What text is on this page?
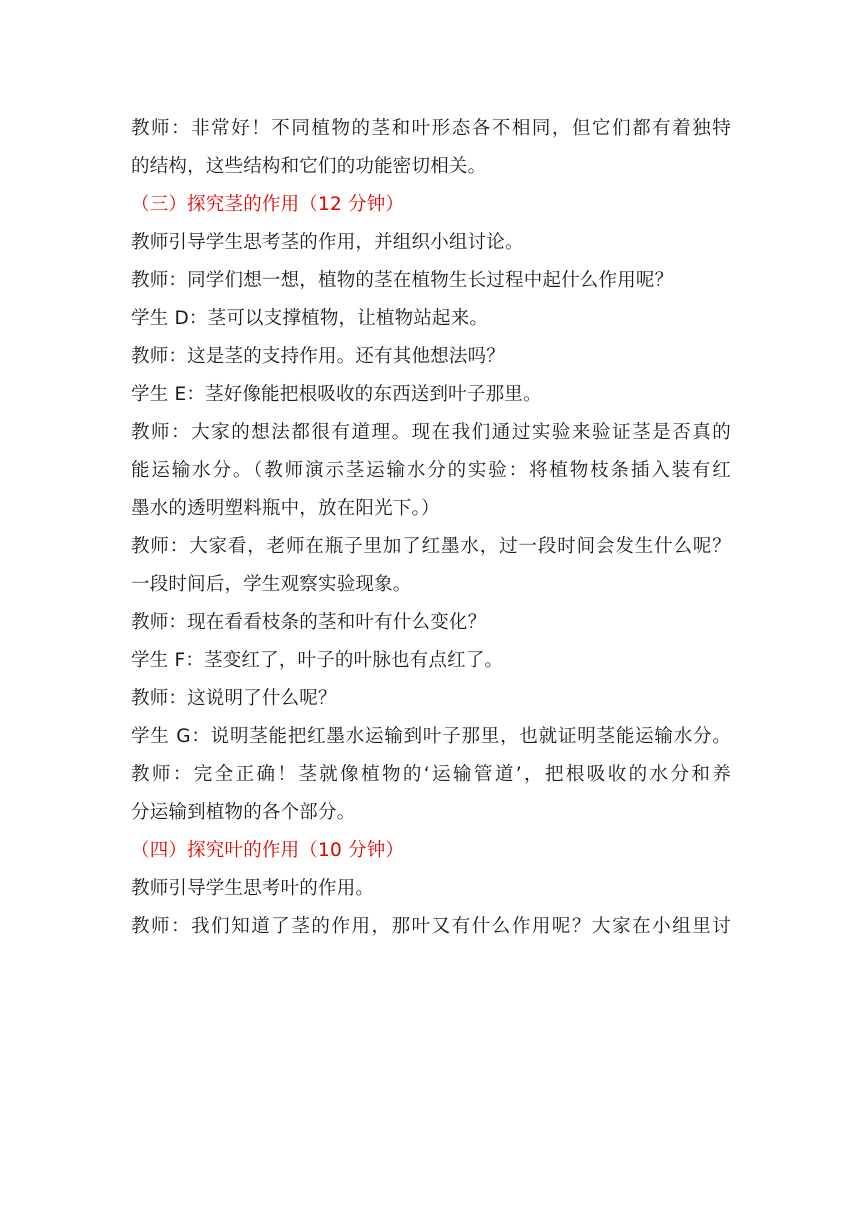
教师：非常好！不同植物的茎和叶形态各不相同，但它们都有着独特
的结构，这些结构和它们的功能密切相关。
（三）探究茎的作用（12 分钟）
教师引导学生思考茎的作用，并组织小组讨论。
教师：同学们想一想，植物的茎在植物生长过程中起什么作用呢？
学生 D：茎可以支撑植物，让植物站起来。
教师：这是茎的支持作用。还有其他想法吗？
学生 E：茎好像能把根吸收的东西送到叶子那里。
教师：大家的想法都很有道理。现在我们通过实验来验证茎是否真的
能运输水分。（教师演示茎运输水分的实验：将植物枝条插入装有红
墨水的透明塑料瓶中，放在阳光下。）
教师：大家看，老师在瓶子里加了红墨水，过一段时间会发生什么呢？
一段时间后，学生观察实验现象。
教师：现在看看枝条的茎和叶有什么变化？
学生 F：茎变红了，叶子的叶脉也有点红了。
教师：这说明了什么呢？
学生 G：说明茎能把红墨水运输到叶子那里，也就证明茎能运输水分。
教师：完全正确！茎就像植物的‘运输管道’，把根吸收的水分和养
分运输到植物的各个部分。
（四）探究叶的作用（10 分钟）
教师引导学生思考叶的作用。
教师：我们知道了茎的作用，那叶又有什么作用呢？大家在小组里讨
